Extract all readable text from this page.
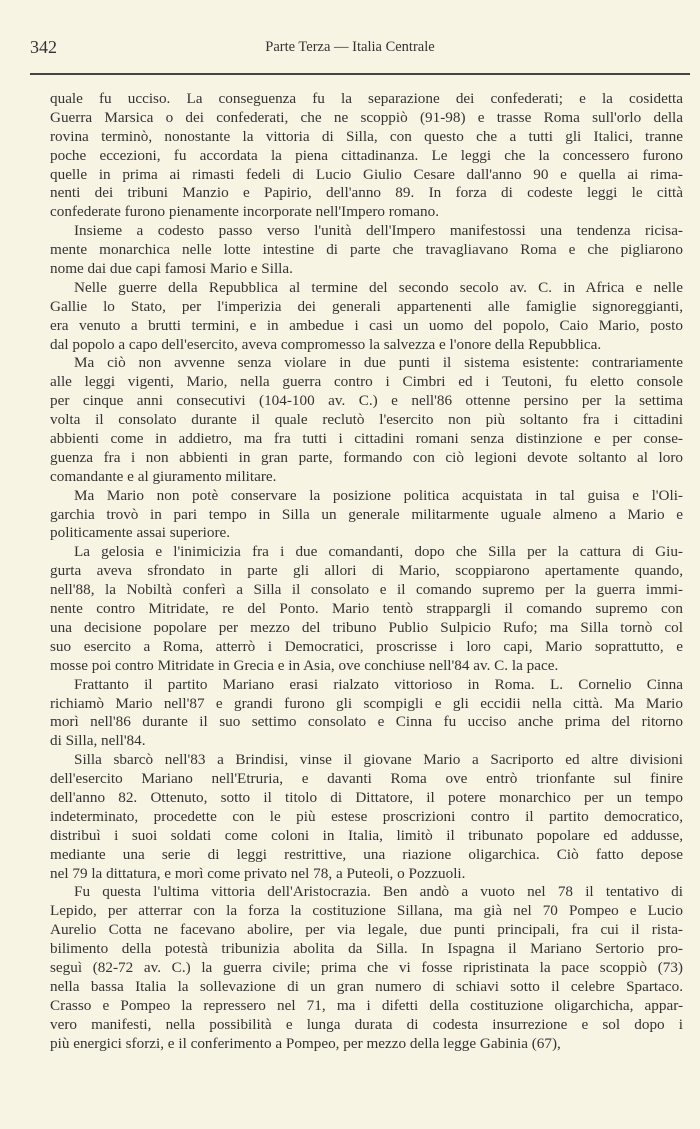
342	Parte Terza — Italia Centrale
quale fu ucciso. La conseguenza fu la separazione dei confederati; e la cosidetta
Guerra Marsica o dei confederati, che ne scoppiò (91-98) e trasse Roma sull'orlo della
rovina terminò, nonostante la vittoria di Silla, con questo che a tutti gli Italici, tranne
poche eccezioni, fu accordata la piena cittadinanza. Le leggi che la concessero furono
quelle in prima ai rimasti fedeli di Lucio Giulio Cesare dall'anno 90 e quella ai rima-
nenti dei tribuni Manzio e Papirio, dell'anno 89. In forza di codeste leggi le città
confederate furono pienamente incorporate nell'Impero romano.
Insieme a codesto passo verso l'unità dell'Impero manifestossi una tendenza ricisa-
mente monarchica nelle lotte intestine di parte che travagliavano Roma e che pigliarono
nome dai due capi famosi Mario e Silla.
Nelle guerre della Repubblica al termine del secondo secolo av. C. in Africa e nelle
Gallie lo Stato, per l'imperizia dei generali appartenenti alle famiglie signoreggianti,
era venuto a brutti termini, e in ambedue i casi un uomo del popolo, Caio Mario, posto
dal popolo a capo dell'esercito, aveva compromesso la salvezza e l'onore della Repubblica.
Ma ciò non avvenne senza violare in due punti il sistema esistente: contrariamente
alle leggi vigenti, Mario, nella guerra contro i Cimbri ed i Teutoni, fu eletto console
per cinque anni consecutivi (104-100 av. C.) e nell'86 ottenne persino per la settima
volta il consolato durante il quale reclutò l'esercito non più soltanto fra i cittadini
abbienti come in addietro, ma fra tutti i cittadini romani senza distinzione e per conse-
guenza fra i non abbienti in gran parte, formando con ciò legioni devote soltanto al loro
comandante e al giuramento militare.
Ma Mario non potè conservare la posizione politica acquistata in tal guisa e l'Oli-
garchia trovò in pari tempo in Silla un generale militarmente uguale almeno a Mario e
politicamente assai superiore.
La gelosia e l'inimicizia fra i due comandanti, dopo che Silla per la cattura di Giu-
gurta aveva sfrondato in parte gli allori di Mario, scoppiarono apertamente quando,
nell'88, la Nobiltà conferì a Silla il consolato e il comando supremo per la guerra immi-
nente contro Mitridate, re del Ponto. Mario tentò strappargli il comando supremo con
una decisione popolare per mezzo del tribuno Publio Sulpicio Rufo; ma Silla tornò col
suo esercito a Roma, atterrò i Democratici, proscrisse i loro capi, Mario soprattutto, e
mosse poi contro Mitridate in Grecia e in Asia, ove conchiuse nell'84 av. C. la pace.
Frattanto il partito Mariano erasi rialzato vittorioso in Roma. L. Cornelio Cinna
richiamò Mario nell'87 e grandi furono gli scompigli e gli eccidii nella città. Ma Mario
morì nell'86 durante il suo settimo consolato e Cinna fu ucciso anche prima del ritorno
di Silla, nell'84.
Silla sbarcò nell'83 a Brindisi, vinse il giovane Mario a Sacriporto ed altre divisioni
dell'esercito Mariano nell'Etruria, e davanti Roma ove entrò trionfante sul finire
dell'anno 82. Ottenuto, sotto il titolo di Dittatore, il potere monarchico per un tempo
indeterminato, procedette con le più estese proscrizioni contro il partito democratico,
distribuì i suoi soldati come coloni in Italia, limitò il tribunato popolare ed addusse,
mediante una serie di leggi restrittive, una riazione oligarchica. Ciò fatto depose
nel 79 la dittatura, e morì come privato nel 78, a Puteoli, o Pozzuoli.
Fu questa l'ultima vittoria dell'Aristocrazia. Ben andò a vuoto nel 78 il tentativo di
Lepido, per atterrar con la forza la costituzione Sillana, ma già nel 70 Pompeo e Lucio
Aurelio Cotta ne facevano abolire, per via legale, due punti principali, fra cui il rista-
bilimento della potestà tribunizia abolita da Silla. In Ispagna il Mariano Sertorio pro-
seguì (82-72 av. C.) la guerra civile; prima che vi fosse ripristinata la pace scoppiò (73)
nella bassa Italia la sollevazione di un gran numero di schiavi sotto il celebre Spartaco.
Crasso e Pompeo la repressero nel 71, ma i difetti della costituzione oligarchicha, appar-
vero manifesti, nella possibilità e lunga durata di codesta insurrezione e sol dopo i
più energici sforzi, e il conferimento a Pompeo, per mezzo della legge Gabinia (67),
